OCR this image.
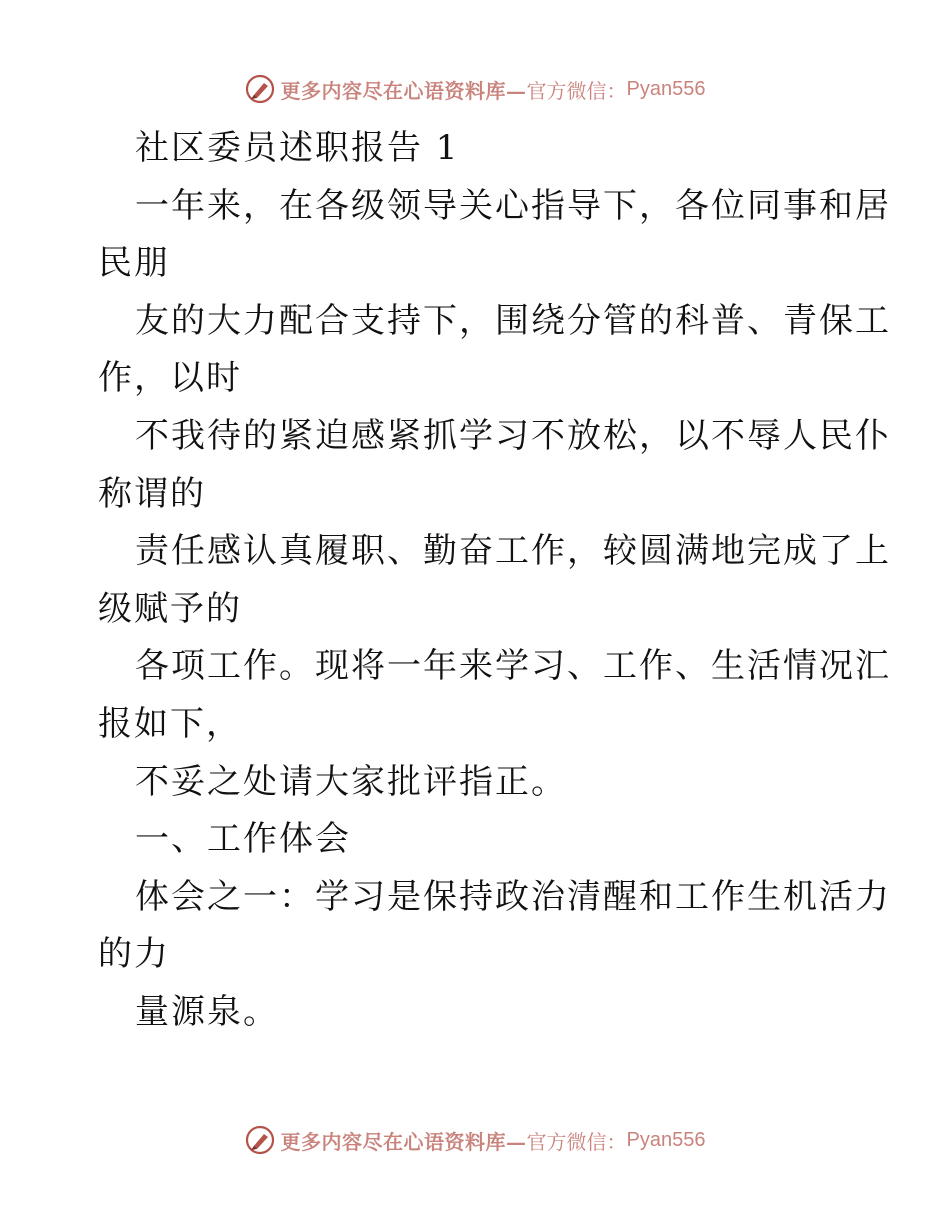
更多内容尽在心语资料库— 官方微信： Pyan556
社区委员述职报告 1
一年来，在各级领导关心指导下，各位同事和居
民朋
友的大力配合支持下，围绕分管的科普、青保工
作，以时
不我待的紧迫感紧抓学习不放松，以不辱人民仆
称谓的
责任感认真履职、勤奋工作，较圆满地完成了上
级赋予的
各项工作。现将一年来学习、工作、生活情况汇
报如下，
不妥之处请大家批评指正。
一、工作体会
体会之一：学习是保持政治清醒和工作生机活力
的力
量源泉。
更多内容尽在心语资料库— 官方微信： Pyan556
